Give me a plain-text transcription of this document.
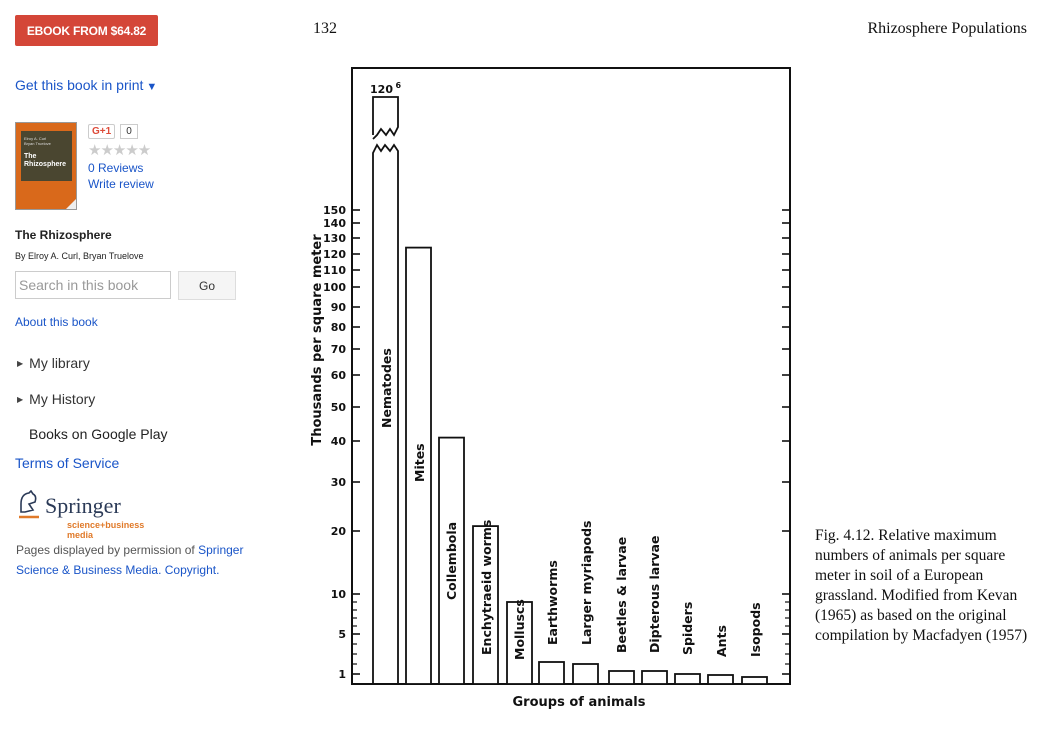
EBOOK FROM $64.82
Get this book in print ▼
Elroy A. Curl
Bryan Truelove
The Rhizosphere
G+1	0
★★★★★
0 Reviews
Write review
The Rhizosphere
By Elroy A. Curl, Bryan Truelove
Search in this book
Go
About this book
▶ My library
▶ My History
Books on Google Play
Terms of Service
Springer
science+business media
Pages displayed by permission of Springer
Science & Business Media. Copyright.
132	Rhizosphere Populations
1
5
10
20
30
40
50
60
70
80
90
100
110
120
130
140
150
120 6
Nematodes
Mites
Collembola Enchytraeid worms Molluscs Earthworms Larger myriapods Beetles & larvae Dipterous larvae Spiders Ants Isopods
Thousands per square meter
Groups of animals
Fig. 4.12. Relative maximum numbers of animals per square meter in soil of a European grassland. Modified from Kevan (1965) as based on the original compilation by Macfadyen (1957)
